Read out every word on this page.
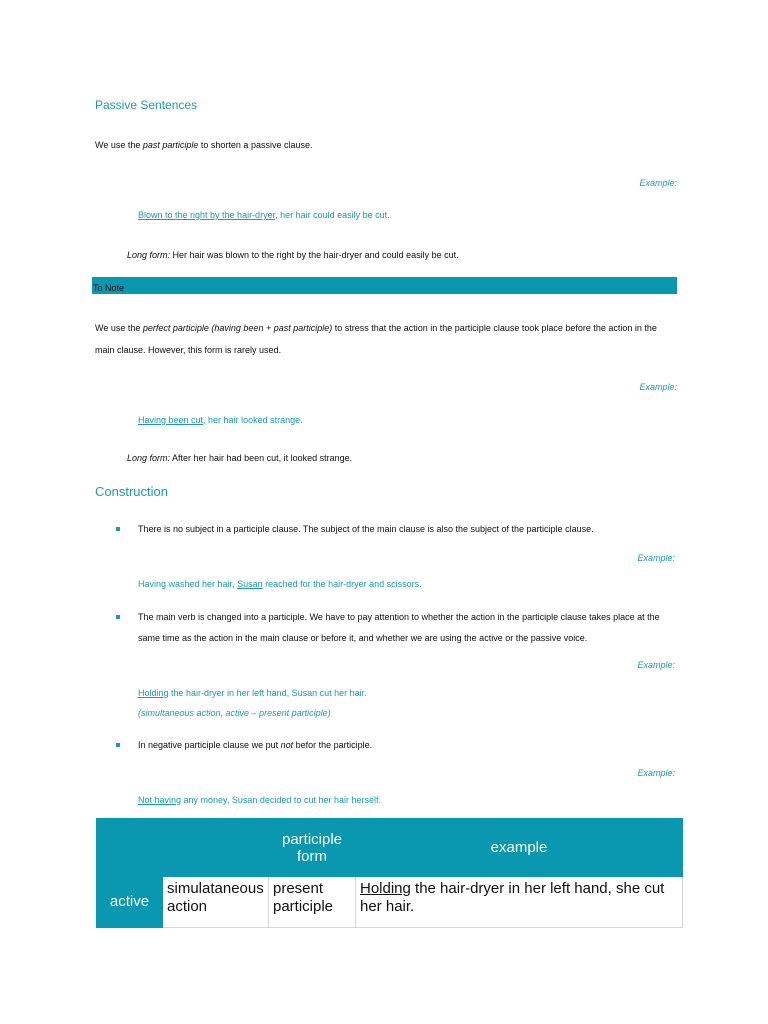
Passive Sentences
We use the past participle to shorten a passive clause.
Example:
Blown to the right by the hair-dryer, her hair could easily be cut.
Long form: Her hair was blown to the right by the hair-dryer and could easily be cut.
To Note
We use the perfect participle (having been + past participle) to stress that the action in the participle clause took place before the action in the
main clause. However, this form is rarely used.
Example:
Having been cut, her hair looked strange.
Long form: After her hair had been cut, it looked strange.
Construction
There is no subject in a participle clause. The subject of the main clause is also the subject of the participle clause.
Example:
Having washed her hair, Susan reached for the hair-dryer and scissors.
The main verb is changed into a participle. We have to pay attention to whether the action in the participle clause takes place at the
same time as the action in the main clause or before it, and whether we are using the active or the passive voice.
Example:
Holding the hair-dryer in her left hand, Susan cut her hair.
(simultaneous action, active – present participle)
In negative participle clause we put not befor the participle.
Example:
Not having any money, Susan decided to cut her hair herself.
		participle form	example
active	simulataneous action	present participle	Holding the hair-dryer in her left hand, she cut her hair.
